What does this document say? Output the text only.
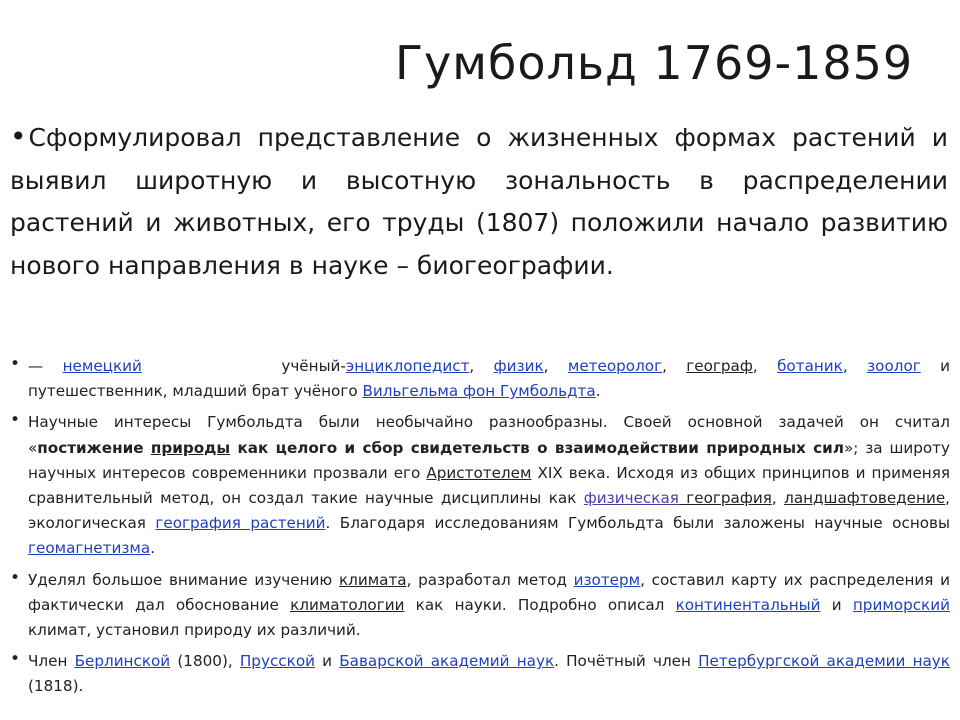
Гумбольд 1769-1859
•Сформулировал представление о жизненных формах растений и выявил широтную и высотную зональность в распределении растений и животных, его труды (1807) положили начало развитию нового направления в науке – биогеографии.
• — немецкий	учёный-энциклопедист, физик, метеоролог, географ, ботаник, зоолог и путешественник, младший брат учёного Вильгельма фон Гумбольдта.
• Научные интересы Гумбольдта были необычайно разнообразны. Своей основной задачей он считал «постижение природы как целого и сбор свидетельств о взаимодействии природных сил»; за широту научных интересов современники прозвали его Аристотелем XIX века. Исходя из общих принципов и применяя сравнительный метод, он создал такие научные дисциплины как физическая география, ландшафтоведение, экологическая география растений. Благодаря исследованиям Гумбольдта были заложены научные основы геомагнетизма.
• Уделял большое внимание изучению климата, разработал метод изотерм, составил карту их распределения и фактически дал обоснование климатологии как науки. Подробно описал континентальный и приморский климат, установил природу их различий.
• Член Берлинской (1800), Прусской и Баварской академий наук. Почётный член Петербургской академии наук (1818).
